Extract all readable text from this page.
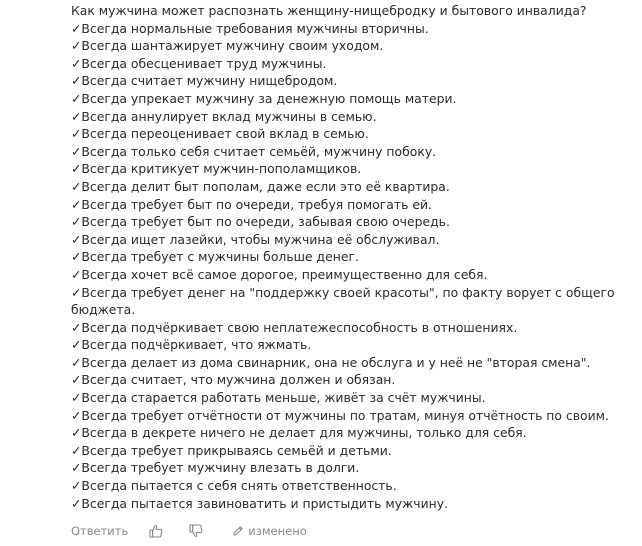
Как мужчина может распознать женщину-нищебродку и бытового инвалида?
✓Всегда нормальные требования мужчины вторичны.
✓Всегда шантажирует мужчину своим уходом.
✓Всегда обесценивает труд мужчины.
✓Всегда считает мужчину нищебродом.
✓Всегда упрекает мужчину за денежную помощь матери.
✓Всегда аннулирует вклад мужчины в семью.
✓Всегда переоценивает свой вклад в семью.
✓Всегда только себя считает семьёй, мужчину побоку.
✓Всегда критикует мужчин-пополамщиков.
✓Всегда делит быт пополам, даже если это её квартира.
✓Всегда требует быт по очереди, требуя помогать ей.
✓Всегда требует быт по очереди, забывая свою очередь.
✓Всегда ищет лазейки, чтобы мужчина её обслуживал.
✓Всегда требует с мужчины больше денег.
✓Всегда хочет всё самое дорогое, преимущественно для себя.
✓Всегда требует денег на "поддержку своей красоты", по факту ворует с общего бюджета.
✓Всегда подчёркивает свою неплатежеспособность в отношениях.
✓Всегда подчёркивает, что яжмать.
✓Всегда делает из дома свинарник, она не обслуга и у неё не "вторая смена".
✓Всегда считает, что мужчина должен и обязан.
✓Всегда старается работать меньше, живёт за счёт мужчины.
✓Всегда требует отчётности от мужчины по тратам, минуя отчётность по своим.
✓Всегда в декрете ничего не делает для мужчины, только для себя.
✓Всегда требует прикрываясь семьёй и детьми.
✓Всегда требует мужчину влезать в долги.
✓Всегда пытается с себя снять ответственность.
✓Всегда пытается завиноватить и пристыдить мужчину.
Ответить	изменено
